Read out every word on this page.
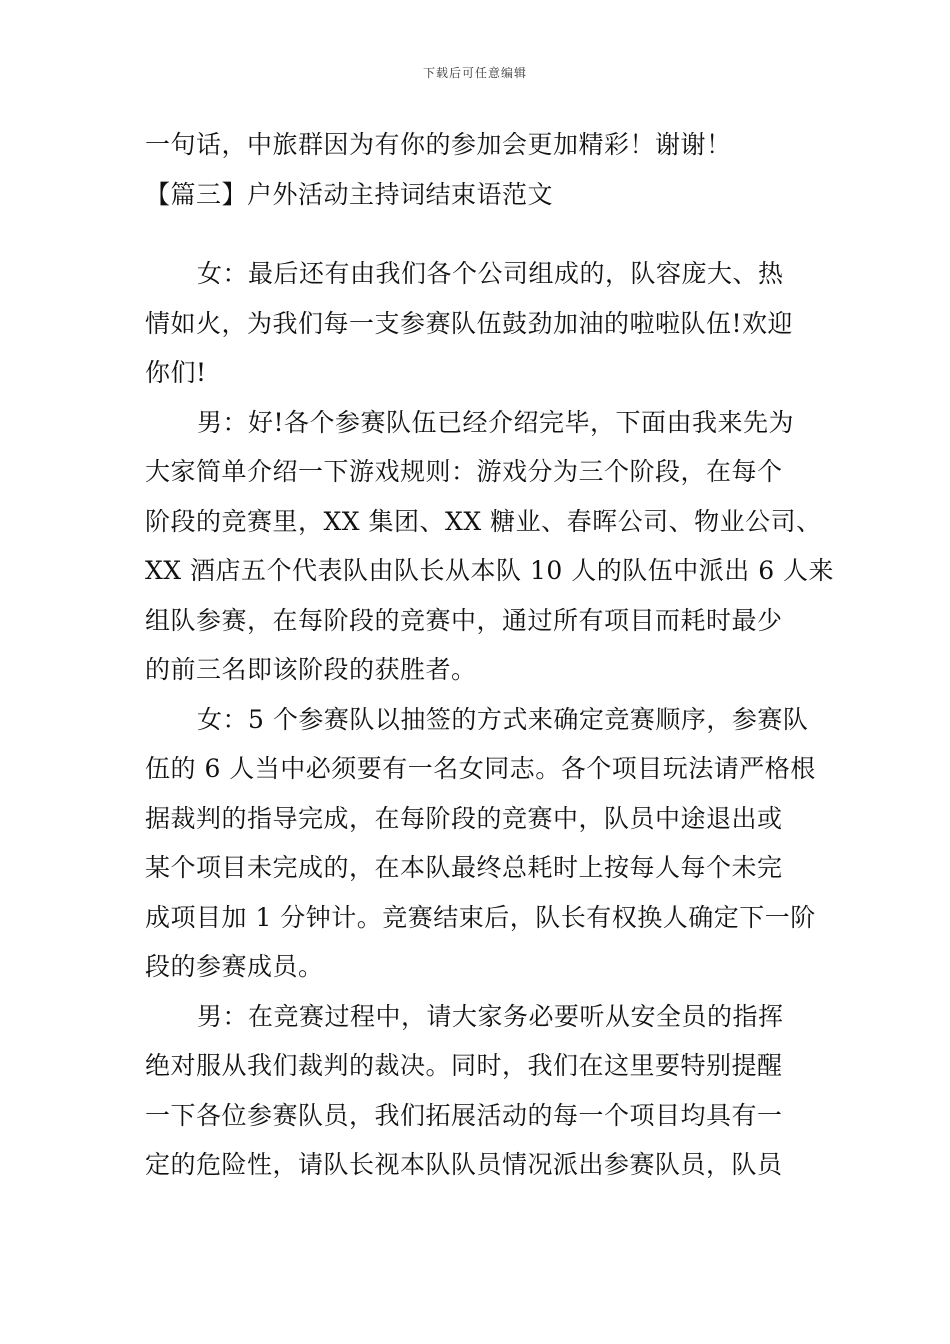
下载后可任意编辑

一句话，中旅群因为有你的参加会更加精彩！谢谢！

【篇三】户外活动主持词结束语范文

女：最后还有由我们各个公司组成的，队容庞大、热

情如火，为我们每一支参赛队伍鼓劲加油的啦啦队伍!欢迎

你们!

男：好!各个参赛队伍已经介绍完毕，下面由我来先为

大家简单介绍一下游戏规则：游戏分为三个阶段，在每个

阶段的竞赛里，XX 集团、XX 糖业、春晖公司、物业公司、

XX 酒店五个代表队由队长从本队 10 人的队伍中派出 6 人来

组队参赛，在每阶段的竞赛中，通过所有项目而耗时最少

的前三名即该阶段的获胜者。

女：5 个参赛队以抽签的方式来确定竞赛顺序，参赛队

伍的 6 人当中必须要有一名女同志。各个项目玩法请严格根

据裁判的指导完成，在每阶段的竞赛中，队员中途退出或

某个项目未完成的，在本队最终总耗时上按每人每个未完

成项目加 1 分钟计。竞赛结束后，队长有权换人确定下一阶

段的参赛成员。

男：在竞赛过程中，请大家务必要听从安全员的指挥

绝对服从我们裁判的裁决。同时，我们在这里要特别提醒

一下各位参赛队员，我们拓展活动的每一个项目均具有一

定的危险性，请队长视本队队员情况派出参赛队员，队员
